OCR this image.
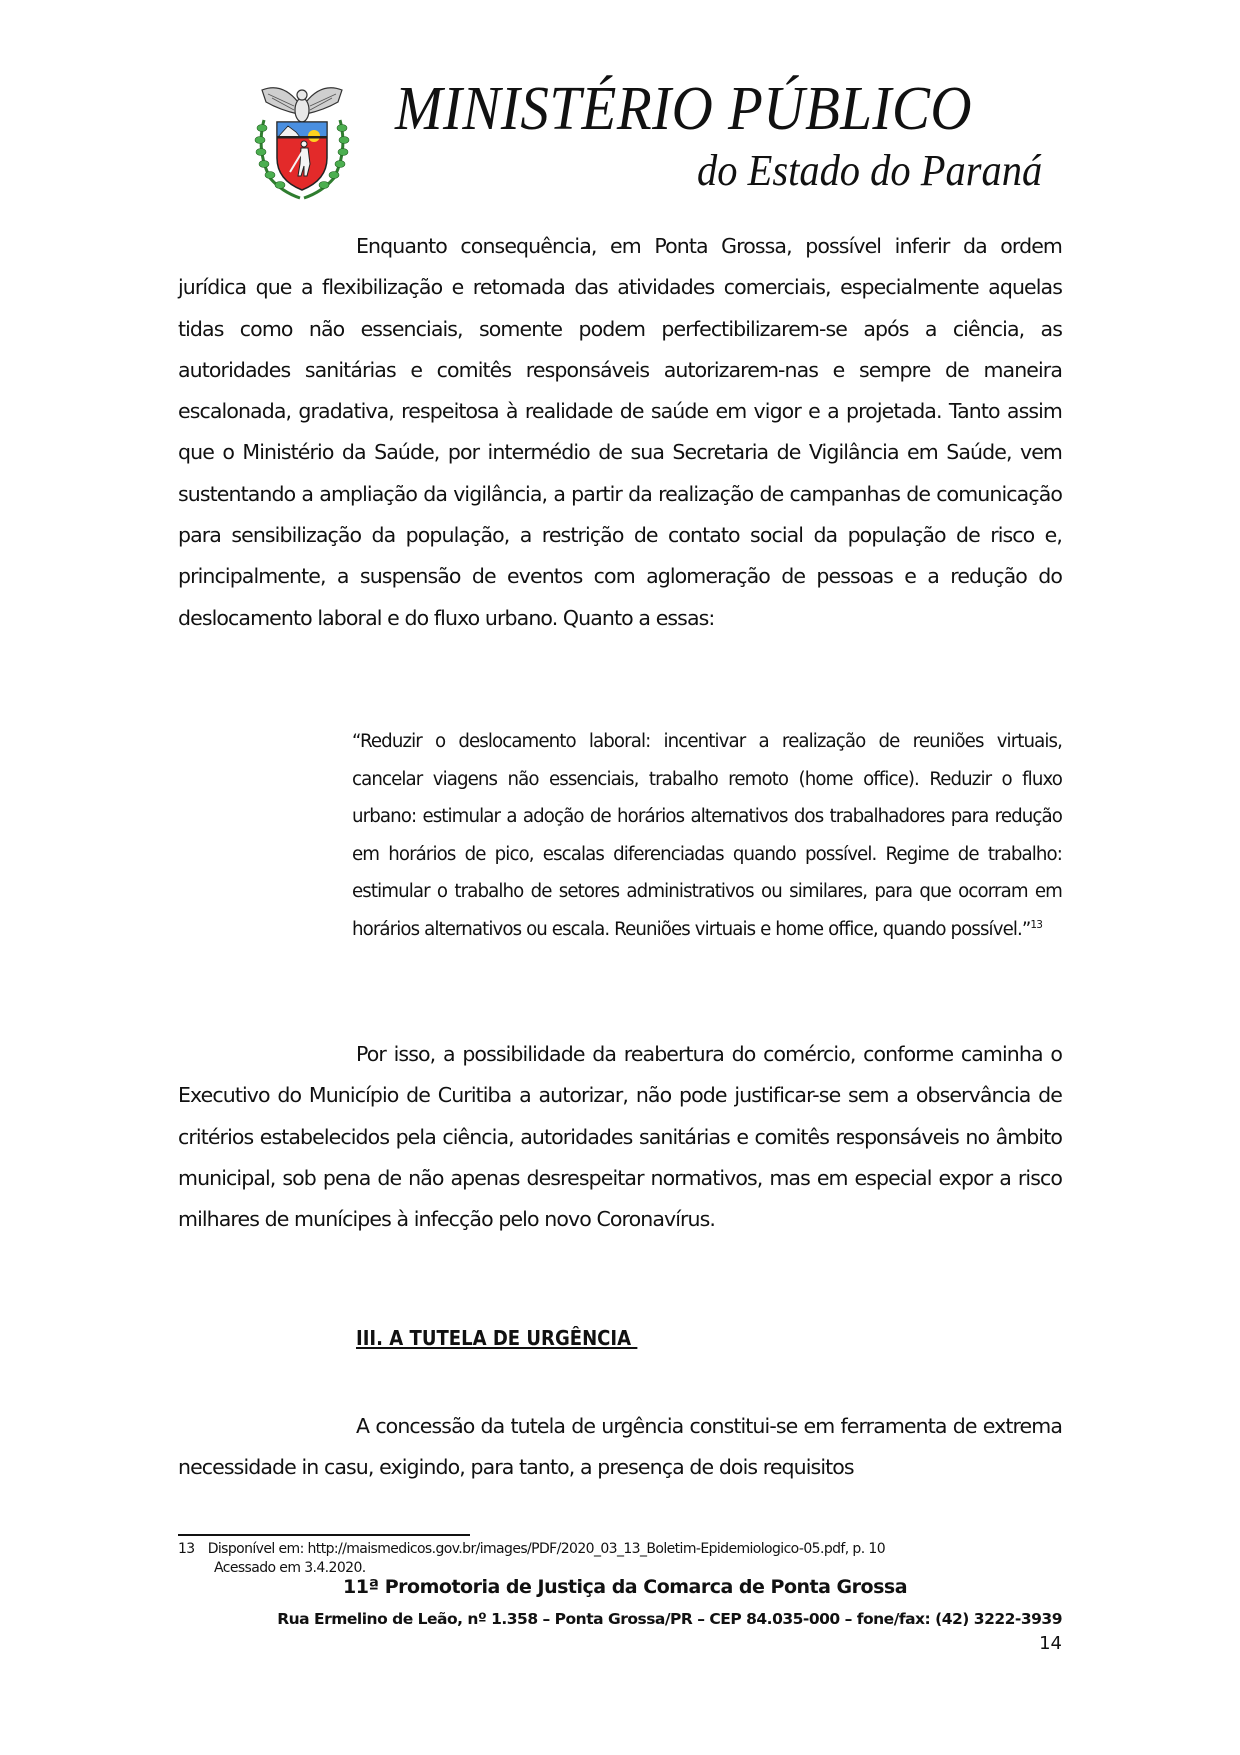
MINISTÉRIO PÚBLICO
do Estado do Paraná

Enquanto consequência, em Ponta Grossa, possível inferir da ordem jurídica que a flexibilização e retomada das atividades comerciais, especialmente aquelas tidas como não essenciais, somente podem perfectibilizarem-se após a ciência, as autoridades sanitárias e comitês responsáveis autorizarem-nas e sempre de maneira escalonada, gradativa, respeitosa à realidade de saúde em vigor e a projetada. Tanto assim que o Ministério da Saúde, por intermédio de sua Secretaria de Vigilância em Saúde, vem sustentando a ampliação da vigilância, a partir da realização de campanhas de comunicação para sensibilização da população, a restrição de contato social da população de risco e, principalmente, a suspensão de eventos com aglomeração de pessoas e a redução do deslocamento laboral e do fluxo urbano. Quanto a essas:

“Reduzir o deslocamento laboral: incentivar a realização de reuniões virtuais, cancelar viagens não essenciais, trabalho remoto (home office). Reduzir o fluxo urbano: estimular a adoção de horários alternativos dos trabalhadores para redução em horários de pico, escalas diferenciadas quando possível. Regime de trabalho: estimular o trabalho de setores administrativos ou similares, para que ocorram em horários alternativos ou escala. Reuniões virtuais e home office, quando possível.”$^{13}$

Por isso, a possibilidade da reabertura do comércio, conforme caminha o Executivo do Município de Curitiba a autorizar, não pode justificar-se sem a observância de critérios estabelecidos pela ciência, autoridades sanitárias e comitês responsáveis no âmbito municipal, sob pena de não apenas desrespeitar normativos, mas em especial expor a risco milhares de munícipes à infecção pelo novo Coronavírus.

III. A TUTELA DE URGÊNCIA

A concessão da tutela de urgência constitui-se em ferramenta de extrema necessidade in casu, exigindo, para tanto, a presença de dois requisitos

13 Disponível em: http://maismedicos.gov.br/images/PDF/2020_03_13_Boletim-Epidemiologico-05.pdf, p. 10
Acessado em 3.4.2020.
11ª Promotoria de Justiça da Comarca de Ponta Grossa
Rua Ermelino de Leão, nº 1.358 – Ponta Grossa/PR – CEP 84.035-000 – fone/fax: (42) 3222-3939
14
